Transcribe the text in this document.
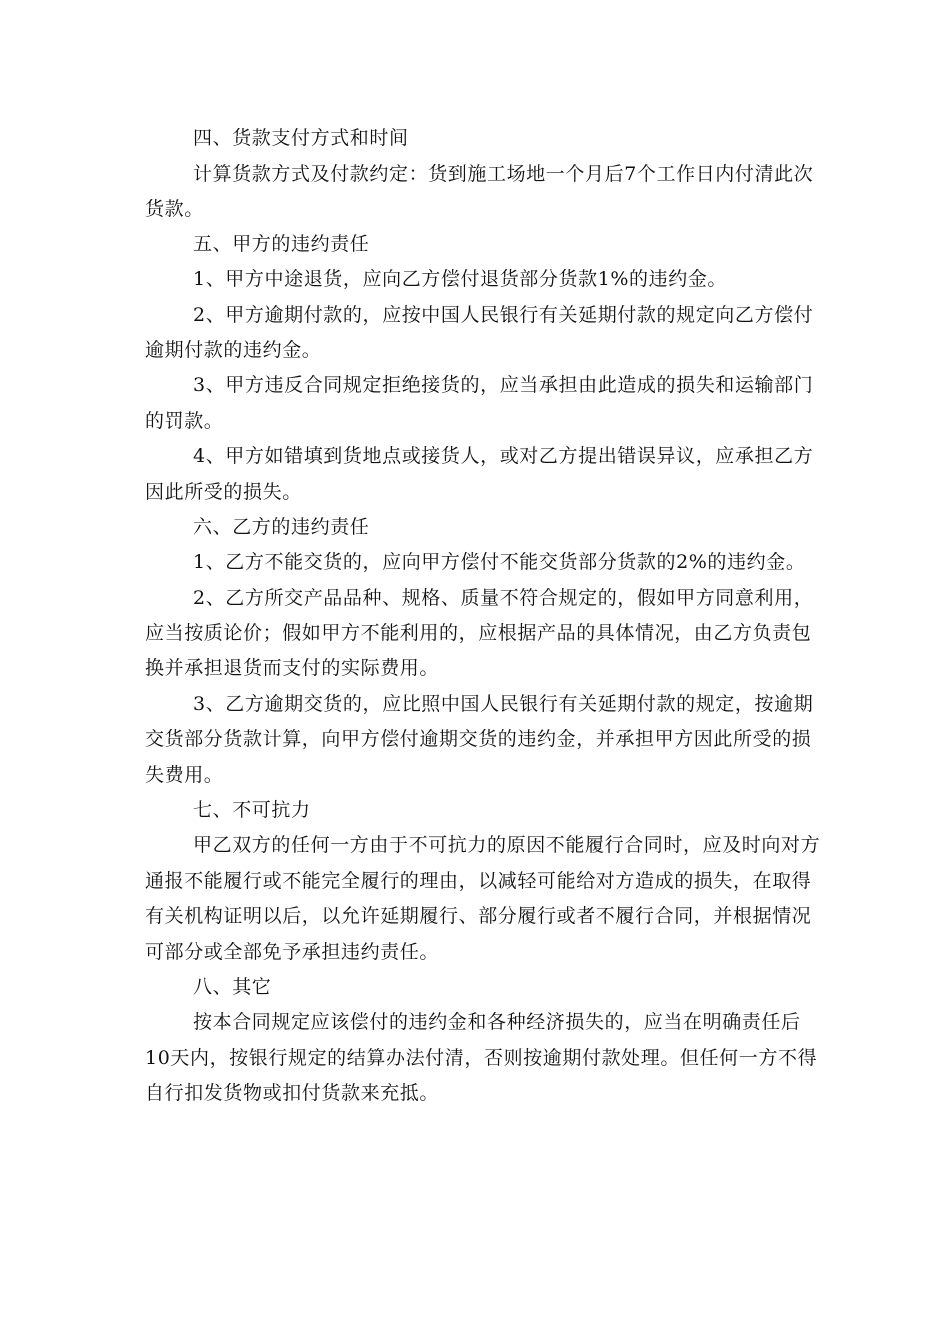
四、货款支付方式和时间
计算货款方式及付款约定：货到施工场地一个月后7个工作日内付清此次
货款。
五、甲方的违约责任
1、甲方中途退货，应向乙方偿付退货部分货款1%的违约金。
2、甲方逾期付款的，应按中国人民银行有关延期付款的规定向乙方偿付
逾期付款的违约金。
3、甲方违反合同规定拒绝接货的，应当承担由此造成的损失和运输部门
的罚款。
4、甲方如错填到货地点或接货人，或对乙方提出错误异议，应承担乙方
因此所受的损失。
六、乙方的违约责任
1、乙方不能交货的，应向甲方偿付不能交货部分货款的2%的违约金。
2、乙方所交产品品种、规格、质量不符合规定的，假如甲方同意利用，
应当按质论价；假如甲方不能利用的，应根据产品的具体情况，由乙方负责包
换并承担退货而支付的实际费用。
3、乙方逾期交货的，应比照中国人民银行有关延期付款的规定，按逾期
交货部分货款计算，向甲方偿付逾期交货的违约金，并承担甲方因此所受的损
失费用。
七、不可抗力
甲乙双方的任何一方由于不可抗力的原因不能履行合同时，应及时向对方
通报不能履行或不能完全履行的理由，以减轻可能给对方造成的损失，在取得
有关机构证明以后，以允许延期履行、部分履行或者不履行合同，并根据情况
可部分或全部免予承担违约责任。
八、其它
按本合同规定应该偿付的违约金和各种经济损失的，应当在明确责任后
10天内，按银行规定的结算办法付清，否则按逾期付款处理。但任何一方不得
自行扣发货物或扣付货款来充抵。
